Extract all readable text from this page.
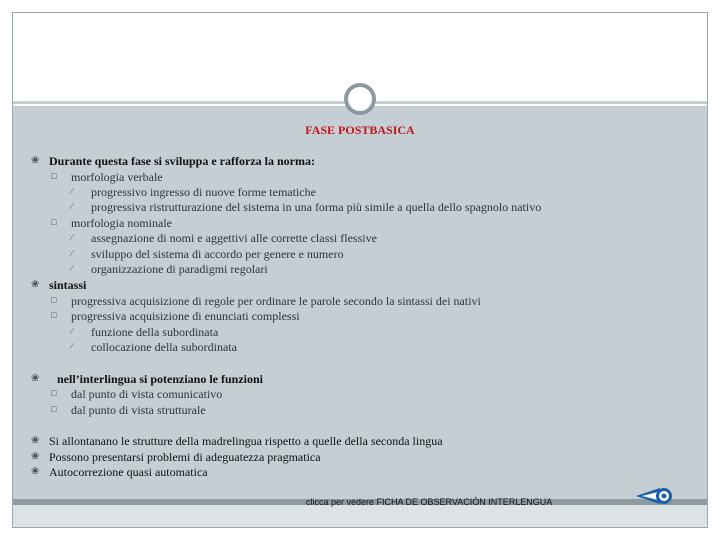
FASE POSTBASICA
❀ Durante questa fase si sviluppa e rafforza la norma:
□ morfologia verbale
∕ progressivo ingresso di nuove forme tematiche
∕ progressiva ristrutturazione del sistema in una forma più simile a quella dello spagnolo nativo
□ morfologia nominale
∕ assegnazione di nomi e aggettivi alle corrette classi flessive
∕ sviluppo del sistema di accordo per genere e numero
∕ organizzazione di paradigmi regolari
❀ sintassi
□ progressiva acquisizione di regole per ordinare le parole secondo la sintassi dei nativi
□ progressiva acquisizione di enunciati complessi
∕ funzione della subordinata
∕ collocazione della subordinata
❀ nell’interlingua si potenziano le funzioni
□ dal punto di vista comunicativo
□ dal punto di vista strutturale
❀ Si allontanano le strutture della madrelingua rispetto a quelle della seconda lingua
❀ Possono presentarsi problemi di adeguatezza pragmatica
❀ Autocorrezione quasi automatica
clicca per vedere FICHA DE OBSERVACIÓN INTERLENGUA
